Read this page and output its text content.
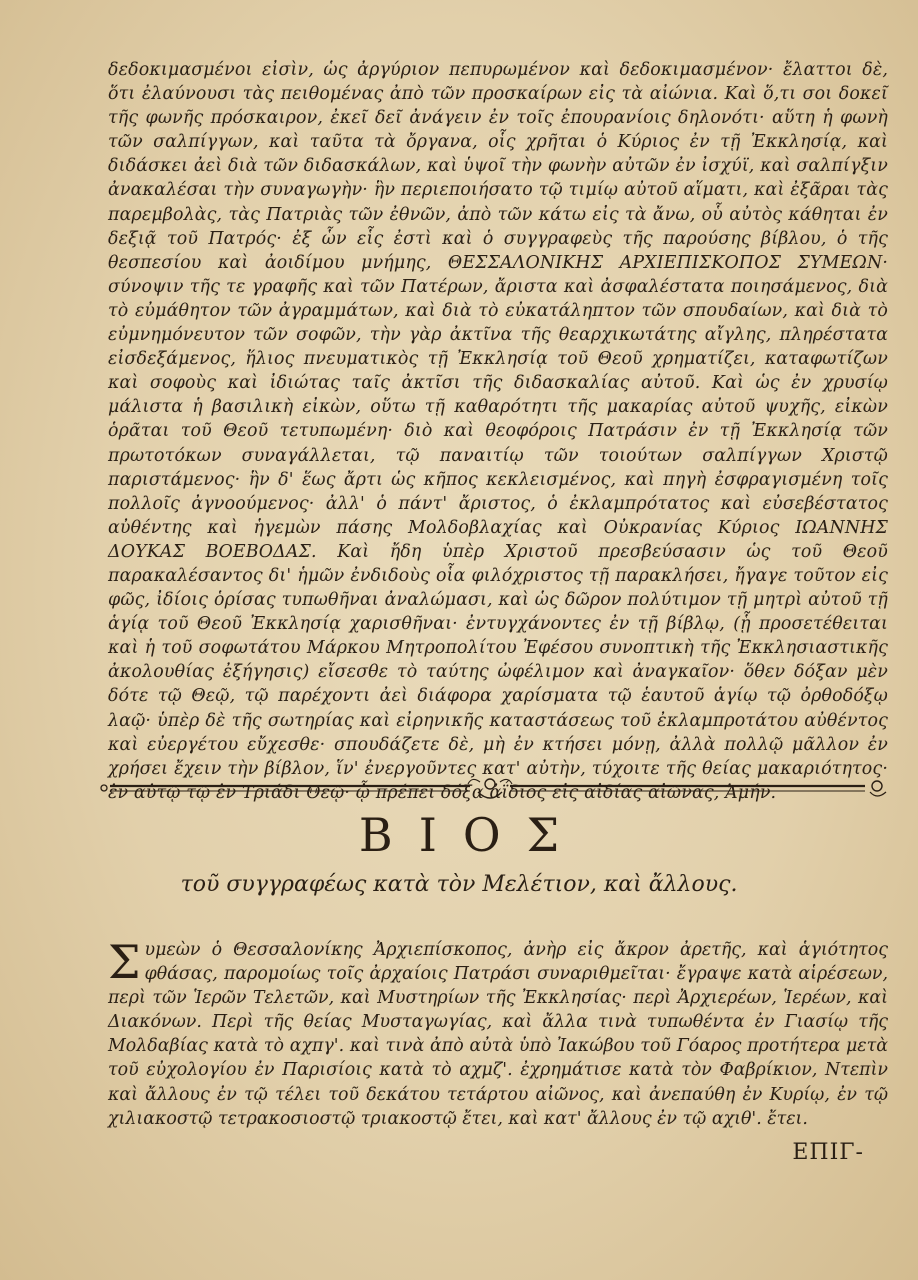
δεδοκιμασμένοι εἰσὶν, ὡς ἀργύριον πεπυρωμένον καὶ δεδοκιμασμένον· ἔλαττοι δὲ, ὅτι ἐλαύνουσι τὰς πειθομένας ἀπὸ τῶν προσκαίρων εἰς τὰ αἰώνια. Καὶ ὅ,τι σοι δοκεῖ τῆς φωνῆς πρόσκαιρον, ἐκεῖ δεῖ ἀνάγειν ἐν τοῖς ἐπουρανίοις δηλονότι· αὕτη ἡ φωνὴ τῶν σαλπίγγων, καὶ ταῦτα τὰ ὄργανα, οἷς χρῆται ὁ Κύριος ἐν τῇ Ἐκκλησίᾳ, καὶ διδάσκει ἀεὶ διὰ τῶν διδασκάλων, καὶ ὑψοῖ τὴν φωνὴν αὐτῶν ἐν ἰσχύϊ, καὶ σαλπίγξιν ἀνακαλέσαι τὴν συναγωγὴν· ἣν περιεποιήσατο τῷ τιμίῳ αὐτοῦ αἵματι, καὶ ἐξᾶραι τὰς παρεμβολὰς, τὰς Πατριὰς τῶν ἐθνῶν, ἀπὸ τῶν κάτω εἰς τὰ ἄνω, οὗ αὐτὸς κάθηται ἐν δεξιᾷ τοῦ Πατρός· ἐξ ὧν εἷς ἐστὶ καὶ ὁ συγγραφεὺς τῆς παρούσης βίβλου, ὁ τῆς θεσπεσίου καὶ ἀοιδίμου μνήμης, ΘΕΣΣΑΛΟΝΙΚΗΣ ΑΡΧΙΕΠΙΣΚΟΠΟΣ ΣΥΜΕΩΝ· σύνοψιν τῆς τε γραφῆς καὶ τῶν Πατέρων, ἄριστα καὶ ἀσφαλέστατα ποιησάμενος, διὰ τὸ εὐμάθητον τῶν ἀγραμμάτων, καὶ διὰ τὸ εὐκατάληπτον τῶν σπουδαίων, καὶ διὰ τὸ εὐμνημόνευτον τῶν σοφῶν, τὴν γὰρ ἀκτῖνα τῆς θεαρχικωτάτης αἴγλης, πληρέστατα εἰσδεξάμενος, ἥλιος πνευματικὸς τῇ Ἐκκλησίᾳ τοῦ Θεοῦ χρηματίζει, καταφωτίζων καὶ σοφοὺς καὶ ἰδιώτας ταῖς ἀκτῖσι τῆς διδασκαλίας αὐτοῦ. Καὶ ὡς ἐν χρυσίῳ μάλιστα ἡ βασιλικὴ εἰκὼν, οὕτω τῇ καθαρότητι τῆς μακαρίας αὐτοῦ ψυχῆς, εἰκὼν ὁρᾶται τοῦ Θεοῦ τετυπωμένη· διὸ καὶ θεοφόροις Πατράσιν ἐν τῇ Ἐκκλησίᾳ τῶν πρωτοτόκων συναγάλλεται, τῷ παναιτίῳ τῶν τοιούτων σαλπίγγων Χριστῷ παριστάμενος· ἣν δ' ἕως ἄρτι ὡς κῆπος κεκλεισμένος, καὶ πηγὴ ἐσφραγισμένη τοῖς πολλοῖς ἀγνοούμενος· ἀλλ' ὁ πάντ' ἄριστος, ὁ ἐκλαμπρότατος καὶ εὐσεβέστατος αὐθέντης καὶ ἡγεμὼν πάσης Μολδοβλαχίας καὶ Οὐκρανίας Κύριος ΙΩΑΝΝΗΣ ΔΟΥΚΑΣ ΒΟΕΒΟΔΑΣ. Καὶ ἤδη ὑπὲρ Χριστοῦ πρεσβεύσασιν ὡς τοῦ Θεοῦ παρακαλέσαντος δι' ἡμῶν ἐνδιδοὺς οἷα φιλόχριστος τῇ παρακλήσει, ἤγαγε τοῦτον εἰς φῶς, ἰδίοις ὁρίσας τυπωθῆναι ἀναλώμασι, καὶ ὡς δῶρον πολύτιμον τῇ μητρὶ αὐτοῦ τῇ ἁγίᾳ τοῦ Θεοῦ Ἐκκλησίᾳ χαρισθῆναι· ἐντυγχάνοντες ἐν τῇ βίβλῳ, (ᾗ προσετέθειται καὶ ἡ τοῦ σοφωτάτου Μάρκου Μητροπολίτου Ἐφέσου συνοπτικὴ τῆς Ἐκκλησιαστικῆς ἀκολουθίας ἐξήγησις) εἴσεσθε τὸ ταύτης ὠφέλιμον καὶ ἀναγκαῖον· ὅθεν δόξαν μὲν δότε τῷ Θεῷ, τῷ παρέχοντι ἀεὶ διάφορα χαρίσματα τῷ ἑαυτοῦ ἁγίῳ τῷ ὀρθοδόξῳ λαῷ· ὑπὲρ δὲ τῆς σωτηρίας καὶ εἰρηνικῆς καταστάσεως τοῦ ἐκλαμπροτάτου αὐθέντος καὶ εὐεργέτου εὔχεσθε· σπουδάζετε δὲ, μὴ ἐν κτήσει μόνῃ, ἀλλὰ πολλῷ μᾶλλον ἐν χρήσει ἔχειν τὴν βίβλον, ἵν' ἐνεργοῦντες κατ' αὐτὴν, τύχοιτε τῆς θείας μακαριότητος· ἐν αὐτῷ τῷ ἐν Τριάδι Θεῷ· ᾧ πρέπει δόξα ἀΐδιος εἰς αἰδίας αἰῶνας, Ἀμήν.

ΒΙΟΣ
τοῦ συγγραφέως κατὰ τὸν Μελέτιον, καὶ ἄλλους.
Σ υμεὼν ὁ Θεσσαλονίκης Ἀρχιεπίσκοπος, ἀνὴρ εἰς ἄκρον ἀρετῆς, καὶ ἁγιότητος φθάσας, παρομοίως τοῖς ἀρχαίοις Πατράσι συναριθμεῖται· ἔγραψε κατὰ αἱρέσεων, περὶ τῶν Ἱερῶν Τελετῶν, καὶ Μυστηρίων τῆς Ἐκκλησίας· περὶ Ἀρχιερέων, Ἱερέων, καὶ Διακόνων. Περὶ τῆς θείας Μυσταγωγίας, καὶ ἄλλα τινὰ τυπωθέντα ἐν Γιασίῳ τῆς Μολδαβίας κατὰ τὸ αχπγ'. καὶ τινὰ ἀπὸ αὐτὰ ὑπὸ Ἰακώβου τοῦ Γόαρος προτήτερα μετὰ τοῦ εὐχολογίου ἐν Παρισίοις κατὰ τὸ αχμζ'. ἐχρημάτισε κατὰ τὸν Φαβρίκιον, Ντεπὶν καὶ ἄλλους ἐν τῷ τέλει τοῦ δεκάτου τετάρτου αἰῶνος, καὶ ἀνεπαύθη ἐν Κυρίῳ, ἐν τῷ χιλιακοστῷ τετρακοσιοστῷ τριακοστῷ ἔτει, καὶ κατ' ἄλλους ἐν τῷ αχιθ'. ἔτει.
ΕΠΙΓ-
